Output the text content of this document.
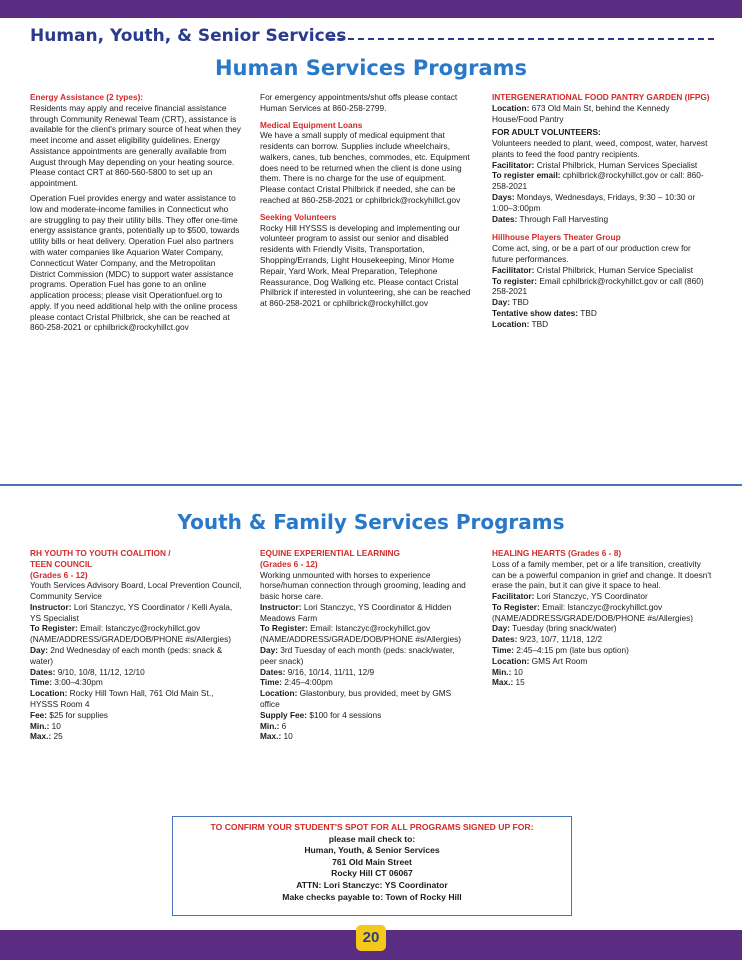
Human, Youth, & Senior Services
Human Services Programs
Energy Assistance (2 types):
Residents may apply and receive financial assistance through Community Renewal Team (CRT), assistance is available for the client's primary source of heat when they meet income and asset eligibility guidelines. Energy Assistance appointments are generally available from August through May depending on your heating source. Please contact CRT at 860-560-5800 to set up an appointment.
Operation Fuel provides energy and water assistance to low and moderate-income families in Connecticut who are struggling to pay their utility bills. They offer one-time energy assistance grants, potentially up to $500, towards utility bills or heat delivery. Operation Fuel also partners with water companies like Aquarion Water Company, Connecticut Water Company, and the Metropolitan District Commission (MDC) to support water assistance programs. Operation Fuel has gone to an online application process; please visit Operationfuel.org to apply. If you need additional help with the online process please contact Cristal Philbrick, she can be reached at 860-258-2021 or cphilbrick@rockyhillct.gov
For emergency appointments/shut offs please contact Human Services at 860-258-2799.
Medical Equipment Loans
We have a small supply of medical equipment that residents can borrow. Supplies include wheelchairs, walkers, canes, tub benches, commodes, etc. Equipment does need to be returned when the client is done using them. There is no charge for the use of equipment. Please contact Cristal Philbrick if needed, she can be reached at 860-258-2021 or cphilbrick@rockyhillct.gov
Seeking Volunteers
Rocky Hill HYSSS is developing and implementing our volunteer program to assist our senior and disabled residents with Friendly Visits, Transportation, Shopping/Errands, Light Housekeeping, Minor Home Repair, Yard Work, Meal Preparation, Telephone Reassurance, Dog Walking etc. Please contact Cristal Philbrick if interested in volunteering, she can be reached at 860-258-2021 or cphilbrick@rockyhillct.gov
INTERGENERATIONAL FOOD PANTRY GARDEN (IFPG)
Location: 673 Old Main St, behind the Kennedy House/Food Pantry
FOR ADULT VOLUNTEERS:
Volunteers needed to plant, weed, compost, water, harvest plants to feed the food pantry recipients.
Facilitator: Cristal Philbrick, Human Services Specialist
To register email: cphilbrick@rockyhillct.gov or call: 860-258-2021
Days: Mondays, Wednesdays, Fridays, 9:30 – 10:30 or 1:00–3:00pm
Dates: Through Fall Harvesting
Hillhouse Players Theater Group
Come act, sing, or be a part of our production crew for future performances.
Facilitator: Cristal Philbrick, Human Service Specialist
To register: Email cphilbrick@rockyhillct.gov or call (860) 258-2021
Day: TBD
Tentative show dates: TBD
Location: TBD
Youth & Family Services Programs
RH YOUTH TO YOUTH COALITION /
TEEN COUNCIL
(Grades 6 - 12)
Youth Services Advisory Board, Local Prevention Council, Community Service
Instructor: Lori Stanczyc, YS Coordinator / Kelli Ayala, YS Specialist
To Register: Email: lstanczyc@rockyhillct.gov (NAME/ADDRESS/GRADE/DOB/PHONE #s/Allergies)
Day: 2nd Wednesday of each month (peds: snack & water)
Dates: 9/10, 10/8, 11/12, 12/10
Time: 3:00–4:30pm
Location: Rocky Hill Town Hall, 761 Old Main St., HYSSS Room 4
Fee: $25 for supplies
Min.: 10
Max.: 25
EQUINE EXPERIENTIAL LEARNING
(Grades 6 - 12)
Working unmounted with horses to experience horse/human connection through grooming, leading and basic horse care.
Instructor: Lori Stanczyc, YS Coordinator & Hidden Meadows Farm
To Register: Email: lstanczyc@rockyhillct.gov (NAME/ADDRESS/GRADE/DOB/PHONE #s/Allergies)
Day: 3rd Tuesday of each month (peds: snack/water, peer snack)
Dates: 9/16, 10/14, 11/11, 12/9
Time: 2:45–4:00pm
Location: Glastonbury, bus provided, meet by GMS office
Supply Fee: $100 for 4 sessions
Min.: 6
Max.: 10
HEALING HEARTS (Grades 6 - 8)
Loss of a family member, pet or a life transition, creativity can be a powerful companion in grief and change. It doesn't erase the pain, but it can give it space to heal.
Facilitator: Lori Stanczyc, YS Coordinator
To Register: Email: lstanczyc@rockyhillct.gov (NAME/ADDRESS/GRADE/DOB/PHONE #s/Allergies)
Day: Tuesday (bring snack/water)
Dates: 9/23, 10/7, 11/18, 12/2
Time: 2:45–4:15 pm (late bus option)
Location: GMS Art Room
Min.: 10
Max.: 15
TO CONFIRM YOUR STUDENT'S SPOT FOR ALL PROGRAMS SIGNED UP FOR:
please mail check to:
Human, Youth, & Senior Services
761 Old Main Street
Rocky Hill CT 06067
ATTN: Lori Stanczyc: YS Coordinator
Make checks payable to: Town of Rocky Hill
20
